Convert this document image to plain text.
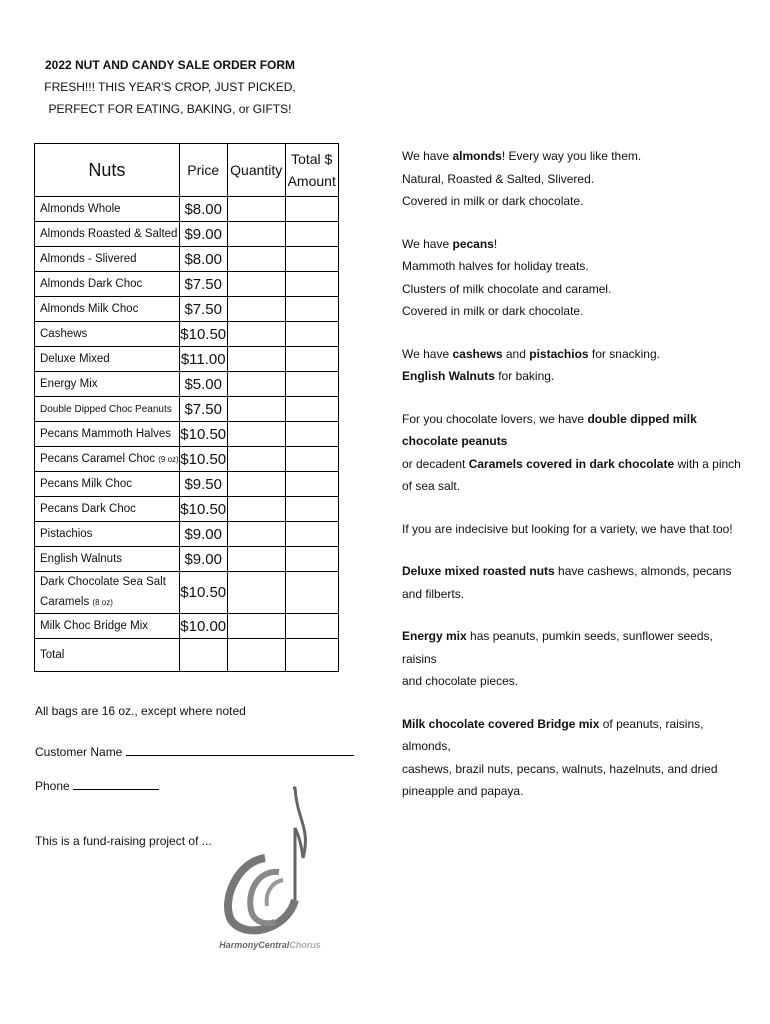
2022 NUT AND CANDY SALE ORDER FORM
FRESH!!! THIS YEAR'S CROP, JUST PICKED,
PERFECT FOR EATING, BAKING, or GIFTS!
Nuts	Price	Quantity	Total $
Amount

Almonds Whole	$8.00		
Almonds Roasted & Salted	$9.00		
Almonds - Slivered	$8.00		
Almonds Dark Choc	$7.50		
Almonds Milk Choc	$7.50		
Cashews	$10.50		
Deluxe Mixed	$11.00		
Energy Mix	$5.00		
Double Dipped Choc Peanuts	$7.50		
Pecans Mammoth Halves	$10.50		
Pecans Caramel Choc (9 oz)	$10.50		
Pecans Milk Choc	$9.50		
Pecans Dark Choc	$10.50		
Pistachios	$9.00		
English Walnuts	$9.00		

Dark Chocolate Sea Salt
Caramels (8 oz)	$10.50		
Milk Choc Bridge Mix	$10.00		
Total			
All bags are 16 oz., except where noted
Customer Name
Phone
This is a fund-raising project of ...
HarmonyCentralChorus

We have almonds! Every way you like them.
Natural, Roasted & Salted, Slivered.
Covered in milk or dark chocolate.

We have pecans!
Mammoth halves for holiday treats.
Clusters of milk chocolate and caramel.
Covered in milk or dark chocolate.

We have cashews and pistachios for snacking.
English Walnuts for baking.

For you chocolate lovers, we have double dipped milk chocolate peanuts
or decadent Caramels covered in dark chocolate with a pinch of sea salt.

If you are indecisive but looking for a variety, we have that too!

Deluxe mixed roasted nuts have cashews, almonds, pecans and filberts.

Energy mix has peanuts, pumkin seeds, sunflower seeds, raisins
and chocolate pieces.

Milk chocolate covered Bridge mix of peanuts, raisins, almonds,
cashews, brazil nuts, pecans, walnuts, hazelnuts, and dried
pineapple and papaya.
